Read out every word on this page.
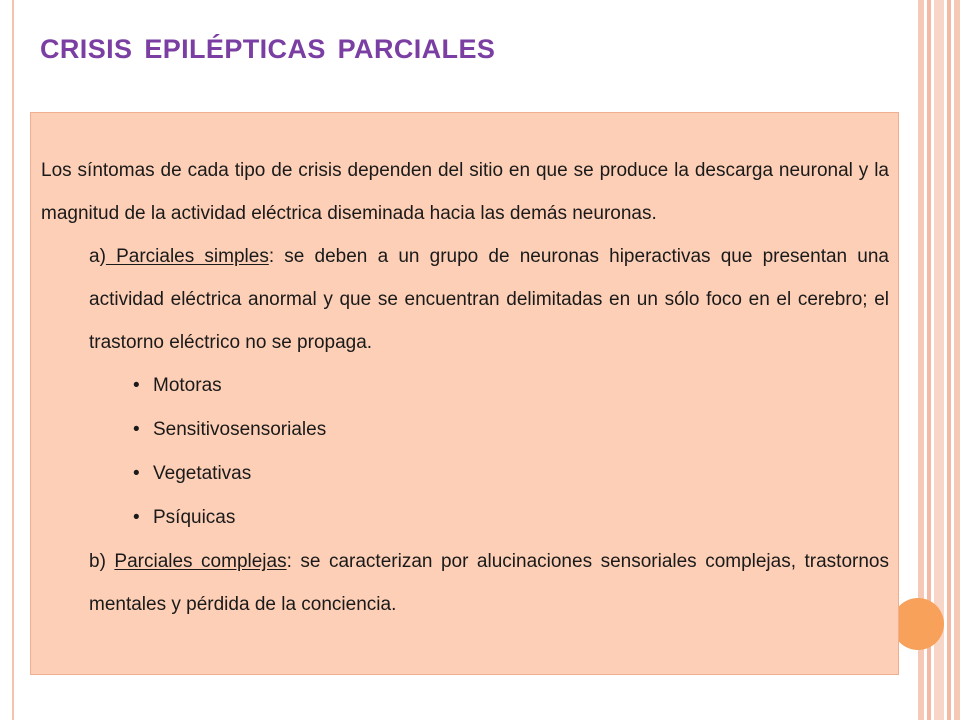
CRISIS EPILÉPTICAS PARCIALES

Los síntomas de cada tipo de crisis dependen del sitio en que se produce la descarga neuronal y la magnitud de la actividad eléctrica diseminada hacia las demás neuronas.

a) Parciales simples: se deben a un grupo de neuronas hiperactivas que presentan una actividad eléctrica anormal y que se encuentran delimitadas en un sólo foco en el cerebro; el trastorno eléctrico no se propaga.

• Motoras
• Sensitivosensoriales
• Vegetativas
• Psíquicas

b) Parciales complejas: se caracterizan por alucinaciones sensoriales complejas, trastornos mentales y pérdida de la conciencia.
